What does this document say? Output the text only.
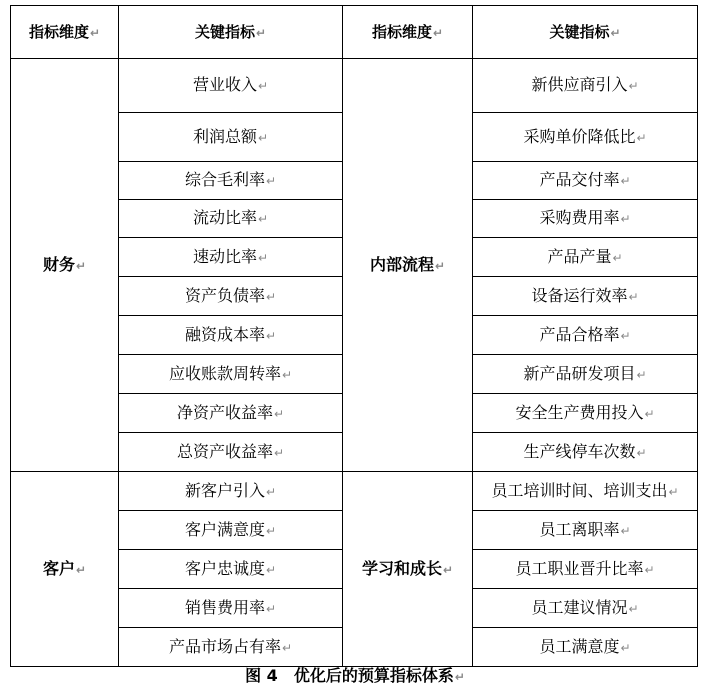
指标维度↵	关键指标↵	指标维度↵	关键指标↵
财务↵	营业收入↵	内部流程↵	新供应商引入↵
	利润总额↵		采购单价降低比↵
	综合毛利率↵		产品交付率↵
	流动比率↵		采购费用率↵
	速动比率↵		产品产量↵
	资产负债率↵		设备运行效率↵
	融资成本率↵		产品合格率↵
	应收账款周转率↵		新产品研发项目↵
	净资产收益率↵		安全生产费用投入↵
	总资产收益率↵		生产线停车次数↵
客户↵	新客户引入↵	学习和成长↵	员工培训时间、培训支出↵
	客户满意度↵		员工离职率↵
	客户忠诚度↵		员工职业晋升比率↵
	销售费用率↵		员工建议情况↵
	产品市场占有率↵		员工满意度↵
图 4  优化后的预算指标体系↵
